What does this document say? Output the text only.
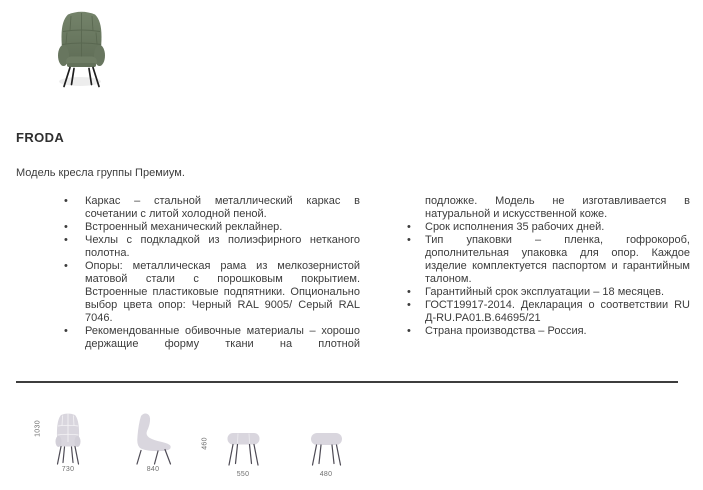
FRODA
Модель кресла группы Премиум.
• Каркас – стальной металлический каркас в сочетании с литой холодной пеной.
• Встроенный механический реклайнер.
• Чехлы с подкладкой из полиэфирного нетканого полотна.
• Опоры: металлическая рама из мелкозернистой матовой стали с порошковым покрытием. Встроенные пластиковые подпятники. Опционально выбор цвета опор: Черный RAL 9005/ Серый RAL 7046.
• Рекомендованные обивочные материалы – хорошо держащие форму ткани на плотной

подложке. Модель не изготавливается в натуральной и искусственной коже.

• Срок исполнения 35 рабочих дней.
• Тип упаковки – пленка, гофрокороб, дополнительная упаковка для опор. Каждое изделие комплектуется паспортом и гарантийным талоном.
• Гарантийный срок эксплуатации – 18 месяцев.
• ГОСТ19917-2014. Декларация о соответствии RU Д-RU.РА01.В.64695/21
• Страна производства – Россия.
1030
730	840
460
550	480
